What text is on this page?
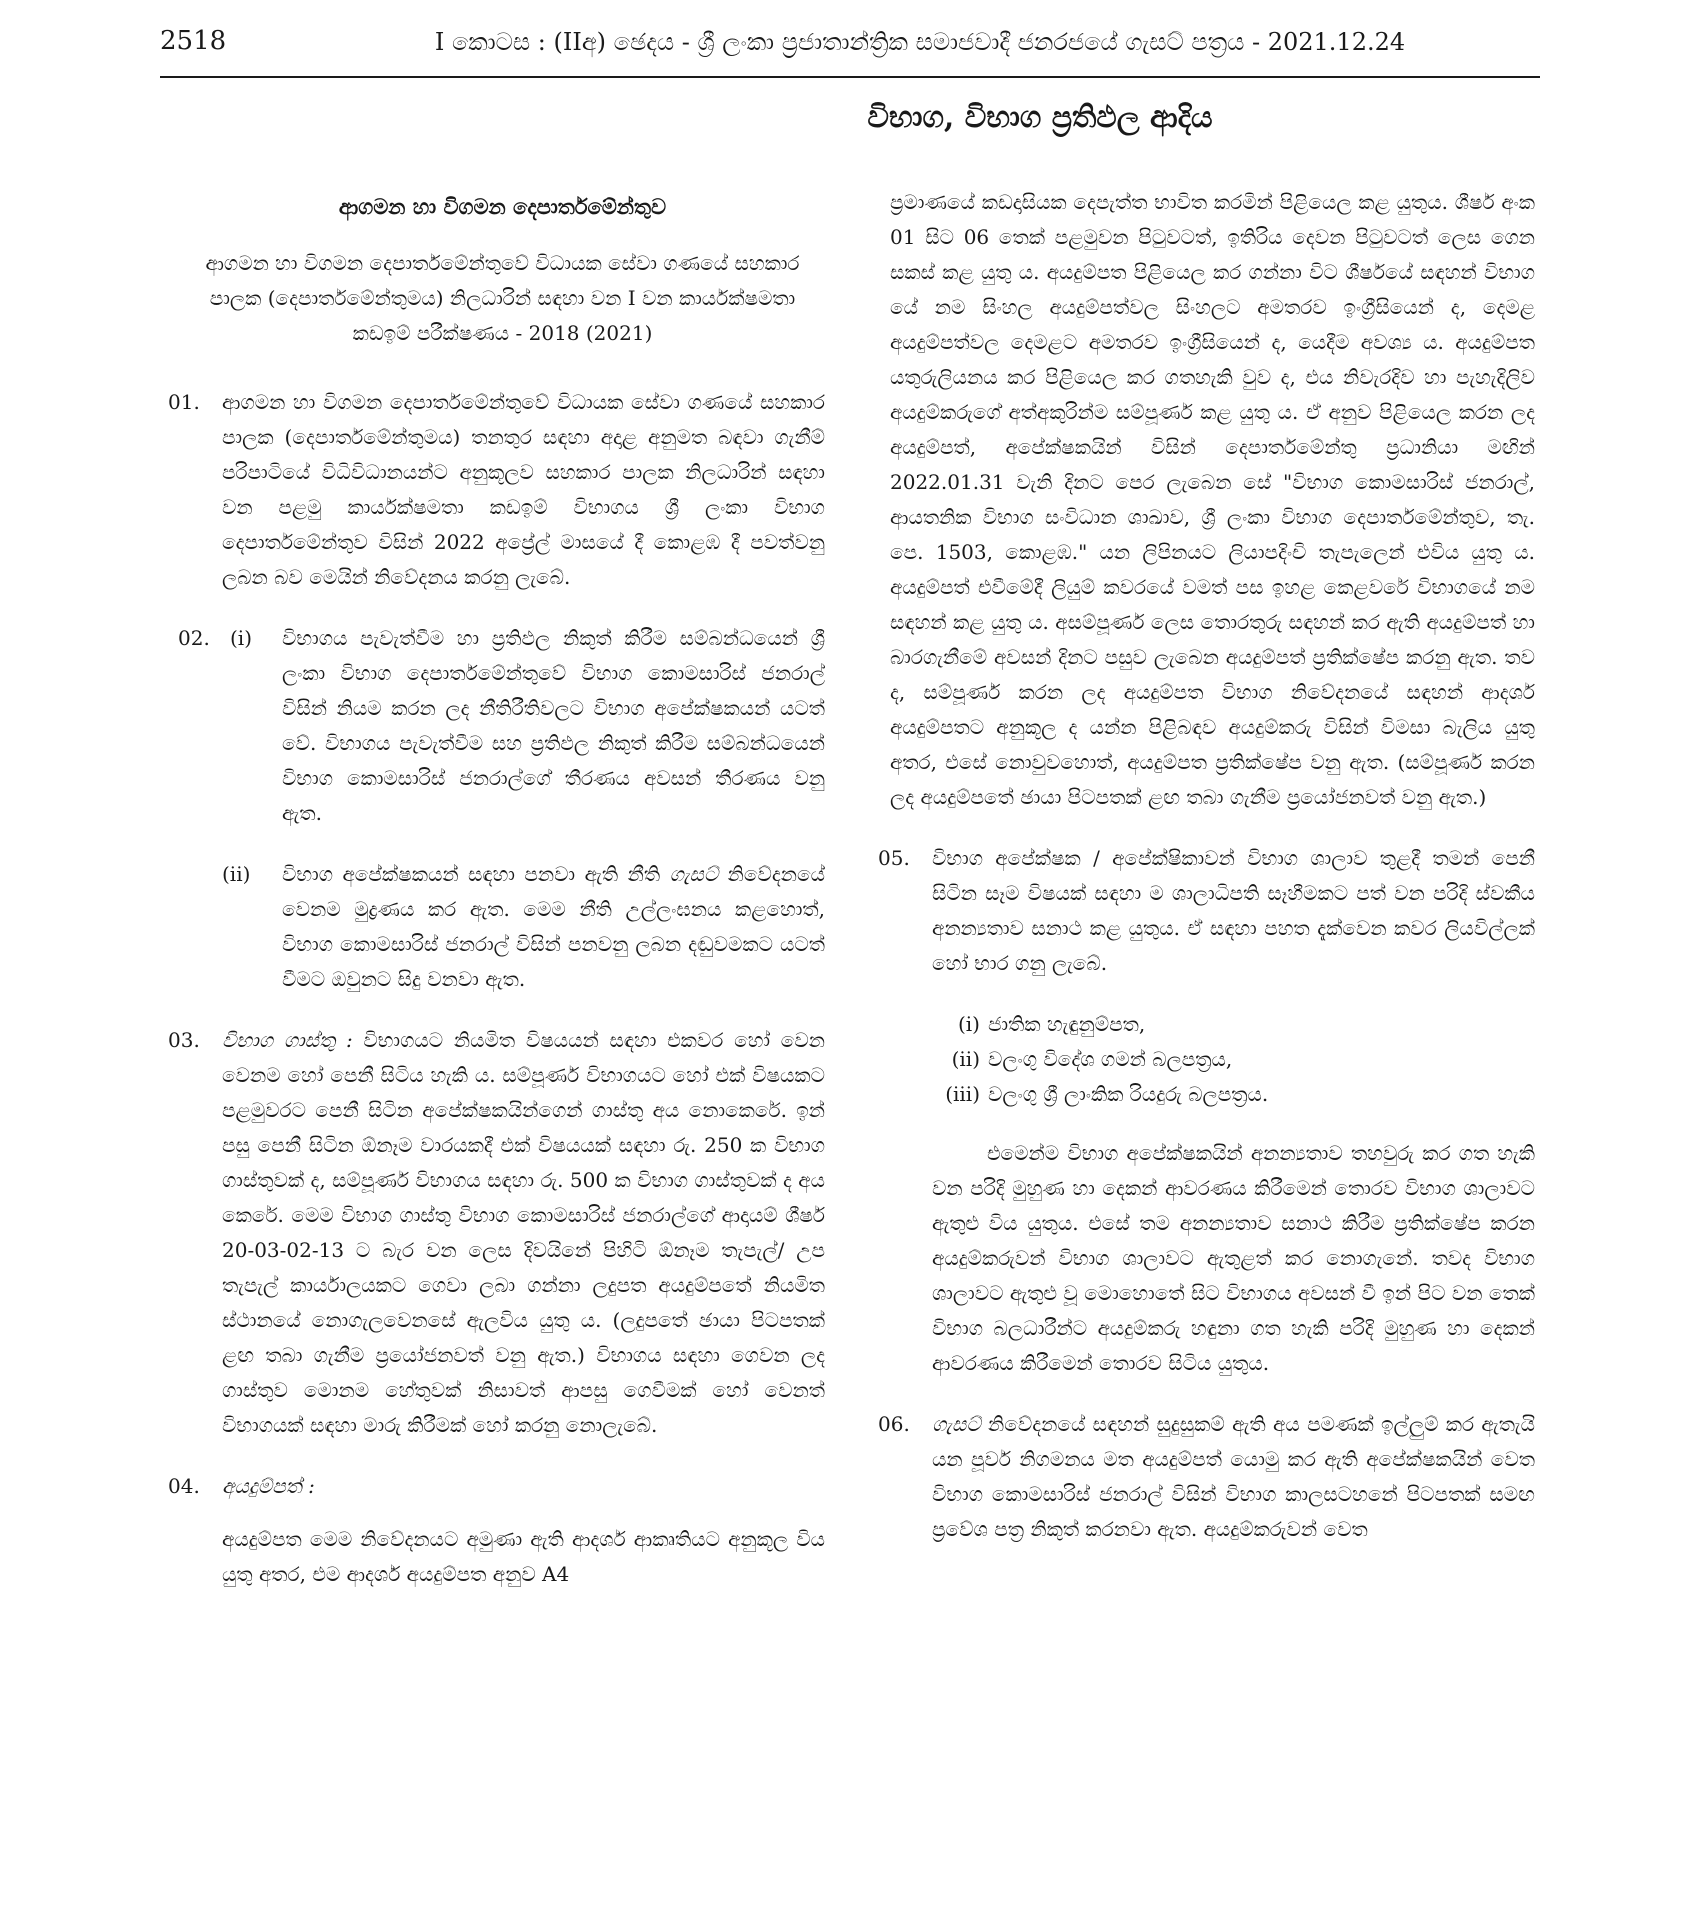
2518	I කොටස : (IIඅ) ඡෙදය - ශ්‍රී ලංකා ප්‍රජාතාන්ත්‍රික සමාජවාදී ජනරජයේ ගැසට් පත්‍රය - 2021.12.24
විභාග, විභාග ප්‍රතිඵල ආදිය
ආගමන හා විගමන දෙපාර්තමේන්තුව
ආගමන හා විගමන දෙපාර්තමේන්තුවේ විධායක සේවා ගණයේ සහකාර පාලක (දෙපාර්තමේන්තුමය) නිලධාරින් සඳහා වන I වන කාර්යක්ෂමතා කඩඉම් පරීක්ෂණය - 2018 (2021)
01.	ආගමන හා විගමන දෙපාර්තමේන්තුවේ විධායක සේවා ගණයේ සහකාර පාලක (දෙපාර්තමේන්තුමය) තනතුර සඳහා අදාළ අනුමත බඳවා ගැනීම් පරිපාටියේ විධිවිධානයන්ට අනුකූලව සහකාර පාලක නිලධාරින් සඳහා වන පළමු කාර්යක්ෂමතා කඩඉම් විභාගය ශ්‍රී ලංකා විභාග දෙපාර්තමේන්තුව විසින් 2022 අප්‍රේල් මාසයේ දී කොළඹ දී පවත්වනු ලබන බව මෙයින් නිවේදනය කරනු ලැබේ.
02.	(i) විභාගය පැවැත්වීම හා ප්‍රතිඵල නිකුත් කිරීම සම්බන්ධයෙන් ශ්‍රී ලංකා විභාග දෙපාර්තමේන්තුවේ විභාග කොමසාරිස් ජනරාල් විසින් නියම කරන ලද නීතිරීතිවලට විභාග අපේක්ෂකයන් යටත් වේ. විභාගය පැවැත්වීම සහ ප්‍රතිඵල නිකුත් කිරීම සම්බන්ධයෙන් විභාග කොමසාරිස් ජනරාල්ගේ තීරණය අවසන් තීරණය වනු ඇත.
(ii) විභාග අපේක්ෂකයන් සඳහා පනවා ඇති නීති ගැසට් නිවේදනයේ වෙනම මුද්‍රණය කර ඇත. මෙම නීති උල්ලංඝනය කළහොත්, විභාග කොමසාරිස් ජනරාල් විසින් පනවනු ලබන දඬුවමකට යටත් වීමට ඔවුනට සිදු වනවා ඇත.
03.	විභාග ගාස්තු : විභාගයට නියමිත විෂයයන් සඳහා එකවර හෝ වෙන වෙනම හෝ පෙනී සිටිය හැකි ය. සම්පූර්ණ විභාගයට හෝ එක් විෂයකට පළමුවරට පෙනී සිටින අපේක්ෂකයින්ගෙන් ගාස්තු අය නොකෙරේ. ඉන් පසු පෙනී සිටින ඕනෑම වාරයකදී එක් විෂයයක් සඳහා රු. 250 ක විභාග ගාස්තුවක් ද, සම්පූර්ණ විභාගය සඳහා රු. 500 ක විභාග ගාස්තුවක් ද අය කෙරේ. මෙම විභාග ගාස්තු විභාග කොමසාරිස් ජනරාල්ගේ ආදායම් ශීර්ෂ 20-03-02-13 ට බැර වන ලෙස දිවයිනේ පිහිටි ඕනෑම තැපැල්/ උප තැපැල් කාර්යාලයකට ගෙවා ලබා ගන්නා ලදුපත අයදුම්පතේ නියමිත ස්ථානයේ නොගැලවෙනසේ ඇලවිය යුතු ය. (ලදුපතේ ඡායා පිටපතක් ළඟ තබා ගැනීම ප්‍රයෝජනවත් වනු ඇත.) විභාගය සඳහා ගෙවන ලද ගාස්තුව මොනම හේතුවක් නිසාවත් ආපසු ගෙවීමක් හෝ වෙනත් විභාගයක් සඳහා මාරු කිරීමක් හෝ කරනු නොලැබේ.
04.	අයදුම්පත් :
අයදුම්පත මෙම නිවේදනයට අමුණා ඇති ආදර්ශ ආකෘතියට අනුකූල විය යුතු අතර, එම ආදර්ශ අයදුම්පත අනුව A4
ප්‍රමාණයේ කඩදාසියක දෙපැත්ත භාවිත කරමින් පිළියෙල කළ යුතුය. ශීර්ෂ අංක 01 සිට 06 තෙක් පළමුවන පිටුවටත්, ඉතිරිය දෙවන පිටුවටත් ලෙස ගෙන සකස් කළ යුතු ය. අයදුම්පත පිළියෙල කර ගන්නා විට ශීර්ෂයේ සඳහන් විභාග යේ නම සිංහල අයදුම්පත්වල සිංහලට අමතරව ඉංග්‍රීසියෙන් ද, දෙමළ අයදුම්පත්වල දෙමළට අමතරව ඉංග්‍රීසියෙන් ද, යෙදීම අවශ්‍ය ය. අයදුම්පත යතුරුලියනය කර පිළියෙල කර ගතහැකි වුව ද, එය නිවැරදිව හා පැහැදිලිව අයදුම්කරුගේ අත්අකුරින්ම සම්පූර්ණ කළ යුතු ය. ඒ අනුව පිළියෙල කරන ලද අයදුම්පත්, අපේක්ෂකයින් විසින් දෙපාර්තමේන්තු ප්‍රධානියා මඟින් 2022.01.31 වැනි දිනට පෙර ලැබෙන සේ "විභාග කොමසාරිස් ජනරාල්, ආයතනික විභාග සංවිධාන ශාඛාව, ශ්‍රී ලංකා විභාග දෙපාර්තමේන්තුව, තැ. පෙ. 1503, කොළඹ." යන ලිපිනයට ලියාපදිංචි තැපැලෙන් එවිය යුතු ය. අයදුම්පත් එවීමේදී ලියුම් කවරයේ වමත් පස ඉහළ කෙළවරේ විභාගයේ නම සඳහන් කළ යුතු ය. අසම්පූර්ණ ලෙස තොරතුරු සඳහන් කර ඇති අයදුම්පත් හා බාරගැනීමේ අවසන් දිනට පසුව ලැබෙන අයදුම්පත් ප්‍රතික්ෂේප කරනු ඇත. තව ද, සම්පූර්ණ කරන ලද අයදුම්පත විභාග නිවේදනයේ සඳහන් ආදර්ශ අයදුම්පතට අනුකූල ද යන්න පිළිබඳව අයදුම්කරු විසින් විමසා බැලිය යුතු අතර, එසේ නොවුවහොත්, අයදුම්පත ප්‍රතික්ෂේප වනු ඇත. (සම්පූර්ණ කරන ලද අයදුම්පතේ ඡායා පිටපතක් ළඟ තබා ගැනීම ප්‍රයෝජනවත් වනු ඇත.)
05.	විභාග අපේක්ෂක / අපේක්ෂිකාවන් විභාග ශාලාව තුළදී තමන් පෙනී සිටින සෑම විෂයක් සඳහා ම ශාලාධිපති සෑහීමකට පත් වන පරිදි ස්වකීය අනන්‍යතාව සනාථ කළ යුතුය. ඒ සඳහා පහත දැක්වෙන කවර ලියවිල්ලක් හෝ භාර ගනු ලැබේ.
(i) ජාතික හැඳුනුම්පත,
(ii) වලංගු විදේශ ගමන් බලපත්‍රය,
(iii) වලංගු ශ්‍රී ලාංකික රියදුරු බලපත්‍රය.
එමෙන්ම විභාග අපේක්ෂකයින් අනන්‍යතාව තහවුරු කර ගත හැකි වන පරිදි මුහුණ හා දෙකන් ආවරණය කිරීමෙන් තොරව විභාග ශාලාවට ඇතුළු විය යුතුය. එසේ තම අනන්‍යතාව සනාථ කිරීම ප්‍රතික්ෂේප කරන අයදුම්කරුවන් විභාග ශාලාවට ඇතුළත් කර නොගැනේ. තවද විභාග ශාලාවට ඇතුළු වූ මොහොතේ සිට විභාගය අවසන් වී ඉන් පිට වන තෙක් විභාග බලධාරීන්ට අයදුම්කරු හඳුනා ගත හැකි පරිදි මුහුණ හා දෙකන් ආවරණය කිරීමෙන් තොරව සිටිය යුතුය.
06.	ගැසට් නිවේදනයේ සඳහන් සුදුසුකම් ඇති අය පමණක් ඉල්ලුම් කර ඇතැයි යන පූර්ව නිගමනය මත අයදුම්පත් යොමු කර ඇති අපේක්ෂකයින් වෙත විභාග කොමසාරිස් ජනරාල් විසින් විභාග කාලසටහනේ පිටපතක් සමඟ ප්‍රවේශ පත්‍ර නිකුත් කරනවා ඇත. අයදුම්කරුවන් වෙත
